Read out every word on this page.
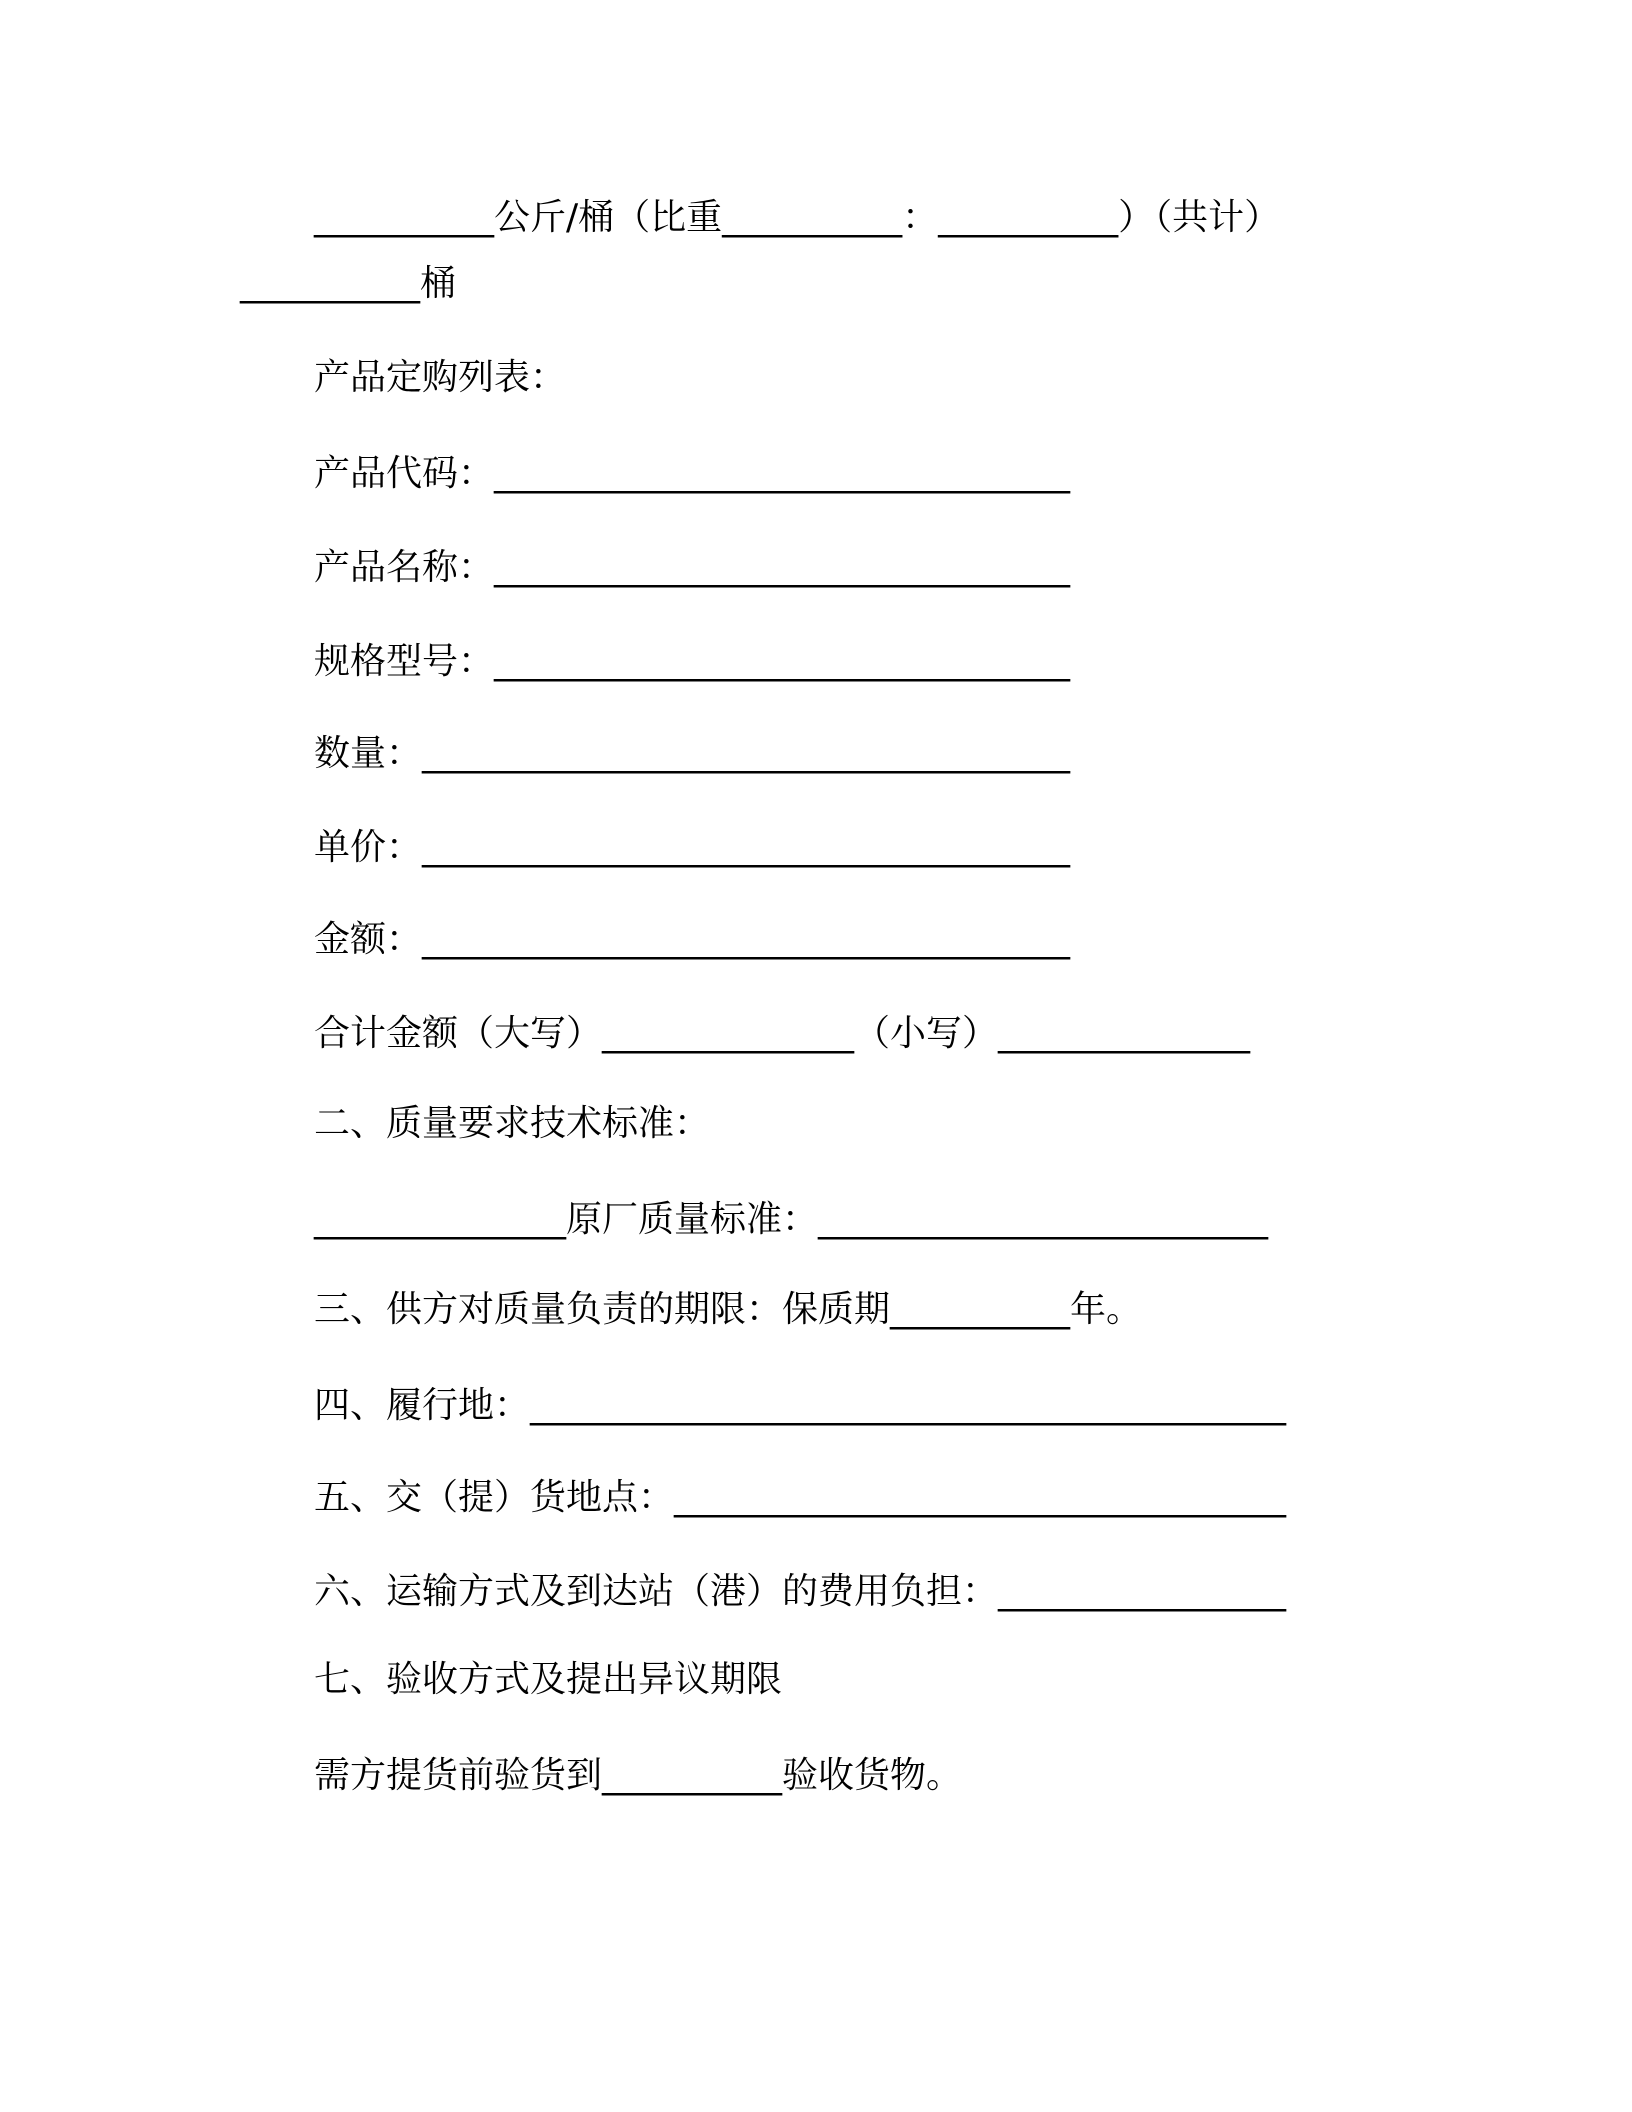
__________公斤/桶（比重__________：__________）（共计）
__________桶
产品定购列表：
产品代码：________________________________
产品名称：________________________________
规格型号：________________________________
数量：____________________________________
单价：____________________________________
金额：____________________________________
合计金额（大写）______________（小写）______________
二、质量要求技术标准：
______________原厂质量标准：_________________________
三、供方对质量负责的期限：保质期__________年。
四、履行地：__________________________________________
五、交（提）货地点：__________________________________
六、运输方式及到达站（港）的费用负担：________________
七、验收方式及提出异议期限
需方提货前验货到__________验收货物。
